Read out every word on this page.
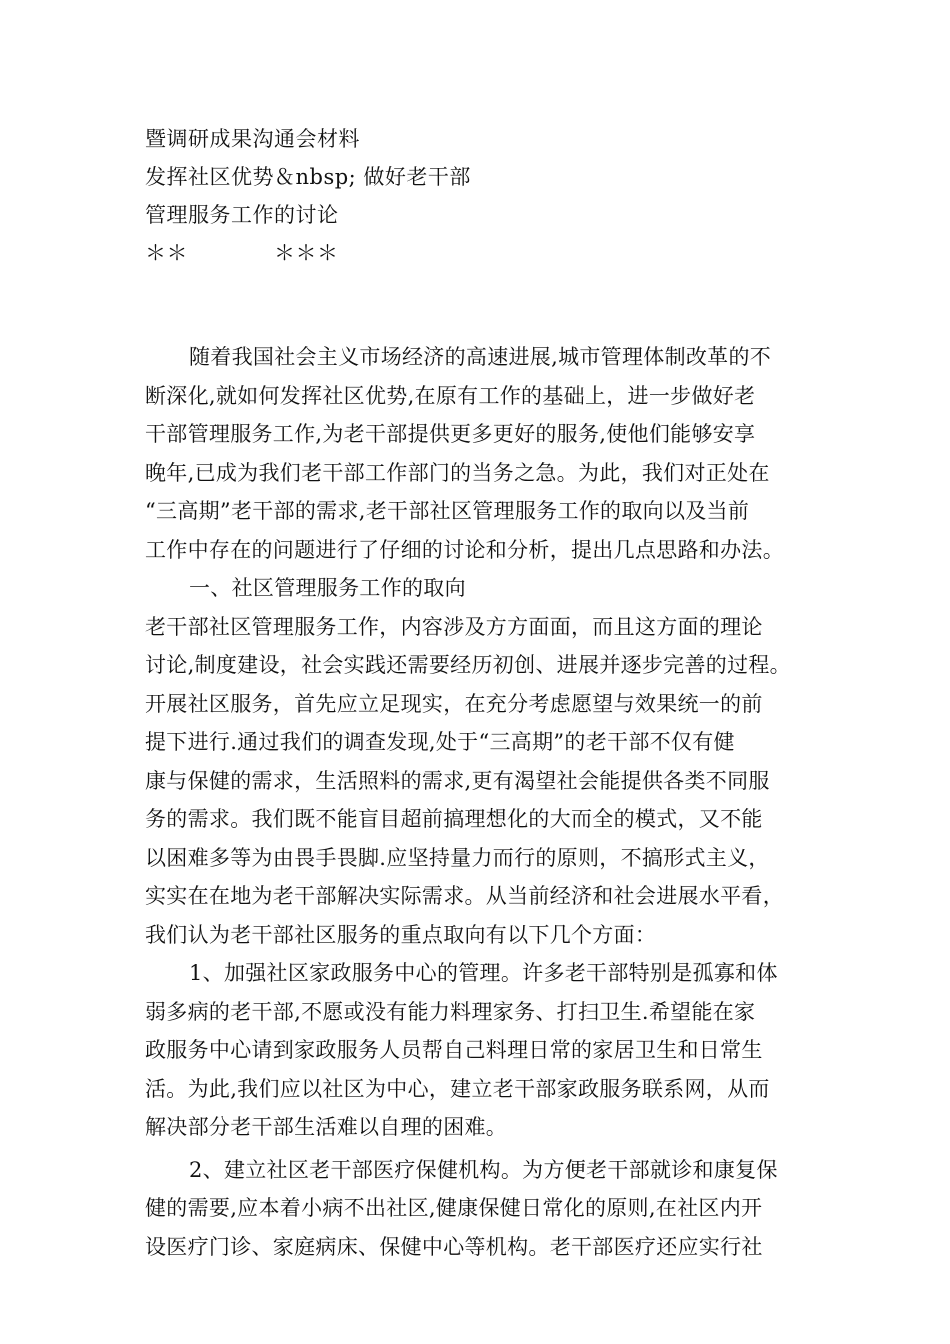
暨调研成果沟通会材料
发挥社区优势＆nbsp; 做好老干部
管理服务工作的讨论
＊＊　　　　＊＊＊
随着我国社会主义市场经济的高速进展,城市管理体制改革的不
断深化,就如何发挥社区优势,在原有工作的基础上，进一步做好老
干部管理服务工作,为老干部提供更多更好的服务,使他们能够安享
晚年,已成为我们老干部工作部门的当务之急。为此，我们对正处在
“三高期”老干部的需求,老干部社区管理服务工作的取向以及当前
工作中存在的问题进行了仔细的讨论和分析，提出几点思路和办法。
一、社区管理服务工作的取向
老干部社区管理服务工作，内容涉及方方面面，而且这方面的理论
讨论,制度建设，社会实践还需要经历初创、进展并逐步完善的过程。
开展社区服务，首先应立足现实，在充分考虑愿望与效果统一的前
提下进行.通过我们的调查发现,处于“三高期”的老干部不仅有健
康与保健的需求，生活照料的需求,更有渴望社会能提供各类不同服
务的需求。我们既不能盲目超前搞理想化的大而全的模式，又不能
以困难多等为由畏手畏脚.应坚持量力而行的原则，不搞形式主义，
实实在在地为老干部解决实际需求。从当前经济和社会进展水平看，
我们认为老干部社区服务的重点取向有以下几个方面：
1、加强社区家政服务中心的管理。许多老干部特别是孤寡和体
弱多病的老干部,不愿或没有能力料理家务、打扫卫生.希望能在家
政服务中心请到家政服务人员帮自己料理日常的家居卫生和日常生
活。为此,我们应以社区为中心，建立老干部家政服务联系网，从而
解决部分老干部生活难以自理的困难。
2、建立社区老干部医疗保健机构。为方便老干部就诊和康复保
健的需要,应本着小病不出社区,健康保健日常化的原则,在社区内开
设医疗门诊、家庭病床、保健中心等机构。老干部医疗还应实行社
